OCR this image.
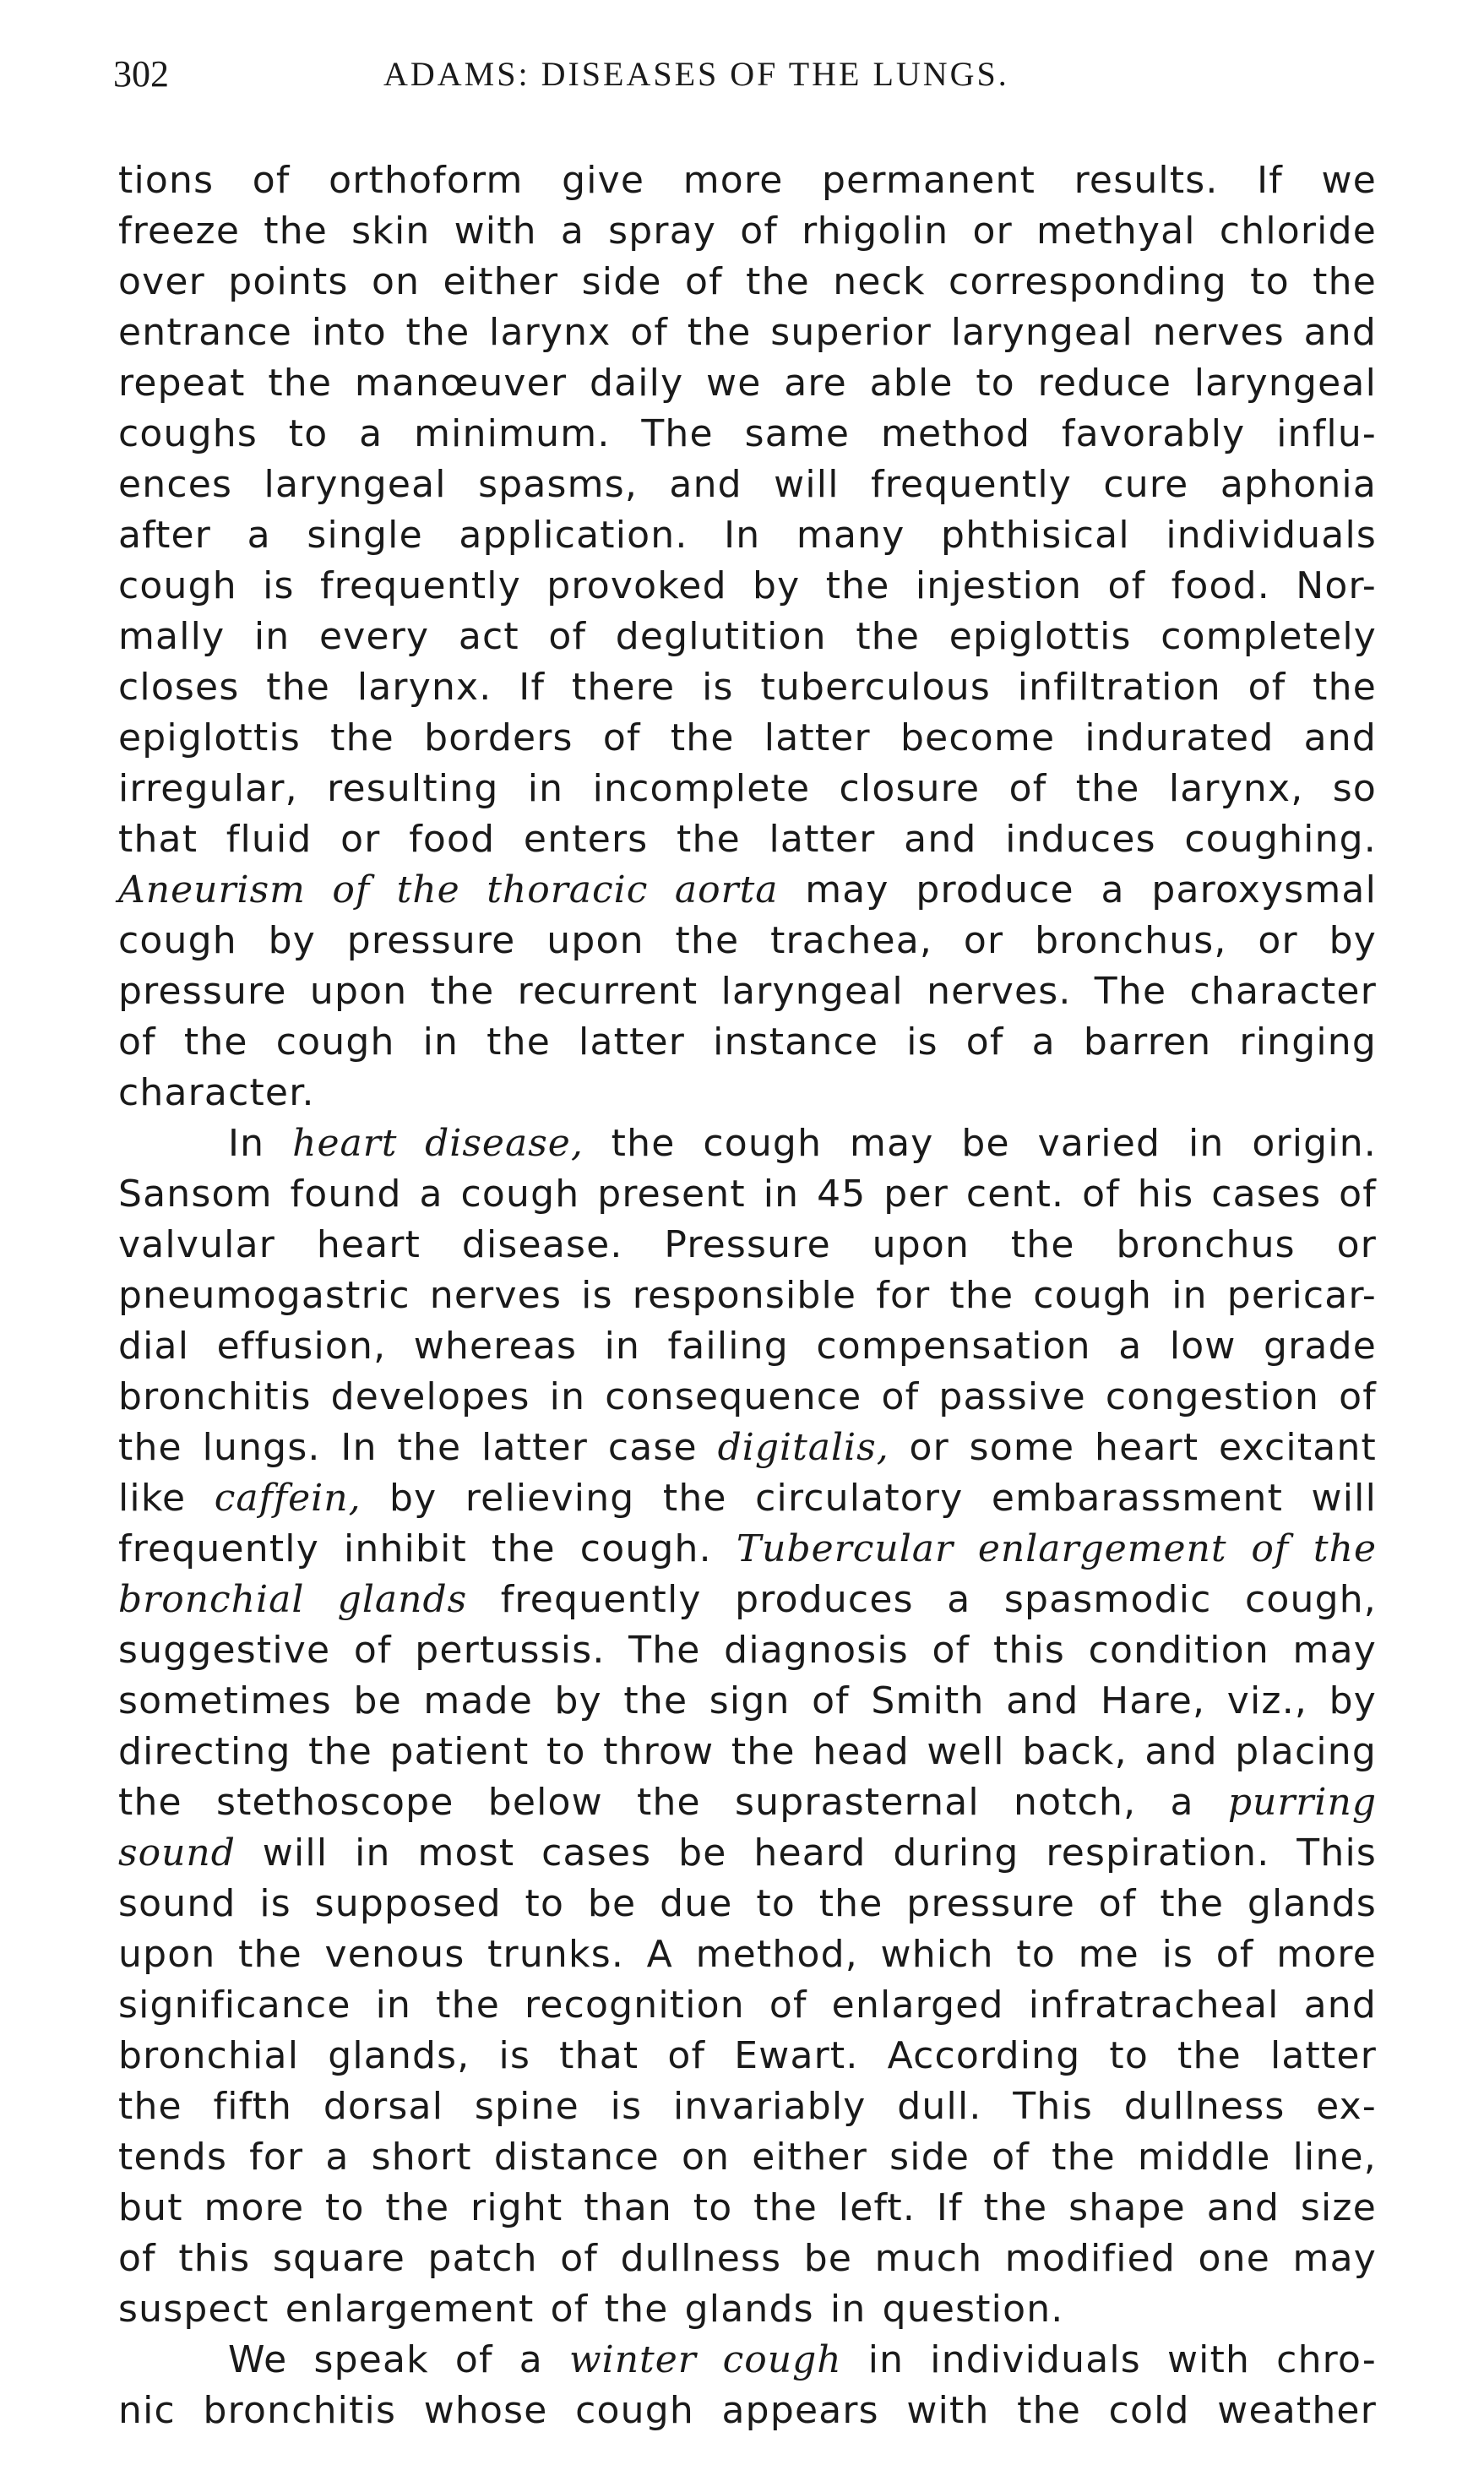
302	ADAMS: DISEASES OF THE LUNGS.
tions of orthoform give more permanent results. If we
freeze the skin with a spray of rhigolin or methyal chloride
over points on either side of the neck corresponding to the
entrance into the larynx of the superior laryngeal nerves and
repeat the manœuver daily we are able to reduce laryngeal
coughs to a minimum. The same method favorably influ-
ences laryngeal spasms, and will frequently cure aphonia
after a single application. In many phthisical individuals
cough is frequently provoked by the injestion of food. Nor-
mally in every act of deglutition the epiglottis completely
closes the larynx. If there is tuberculous infiltration of the
epiglottis the borders of the latter become indurated and
irregular, resulting in incomplete closure of the larynx, so
that fluid or food enters the latter and induces coughing.
Aneurism of the thoracic aorta may produce a paroxysmal
cough by pressure upon the trachea, or bronchus, or by
pressure upon the recurrent laryngeal nerves. The character
of the cough in the latter instance is of a barren ringing
character.
In heart disease, the cough may be varied in origin.
Sansom found a cough present in 45 per cent. of his cases of
valvular heart disease. Pressure upon the bronchus or
pneumogastric nerves is responsible for the cough in pericar-
dial effusion, whereas in failing compensation a low grade
bronchitis developes in consequence of passive congestion of
the lungs. In the latter case digitalis, or some heart excitant
like caffein, by relieving the circulatory embarassment will
frequently inhibit the cough. Tubercular enlargement of the
bronchial glands frequently produces a spasmodic cough,
suggestive of pertussis. The diagnosis of this condition may
sometimes be made by the sign of Smith and Hare, viz., by
directing the patient to throw the head well back, and placing
the stethoscope below the suprasternal notch, a purring
sound will in most cases be heard during respiration. This
sound is supposed to be due to the pressure of the glands
upon the venous trunks. A method, which to me is of more
significance in the recognition of enlarged infratracheal and
bronchial glands, is that of Ewart. According to the latter
the fifth dorsal spine is invariably dull. This dullness ex-
tends for a short distance on either side of the middle line,
but more to the right than to the left. If the shape and size
of this square patch of dullness be much modified one may
suspect enlargement of the glands in question.
We speak of a winter cough in individuals with chro-
nic bronchitis whose cough appears with the cold weather
